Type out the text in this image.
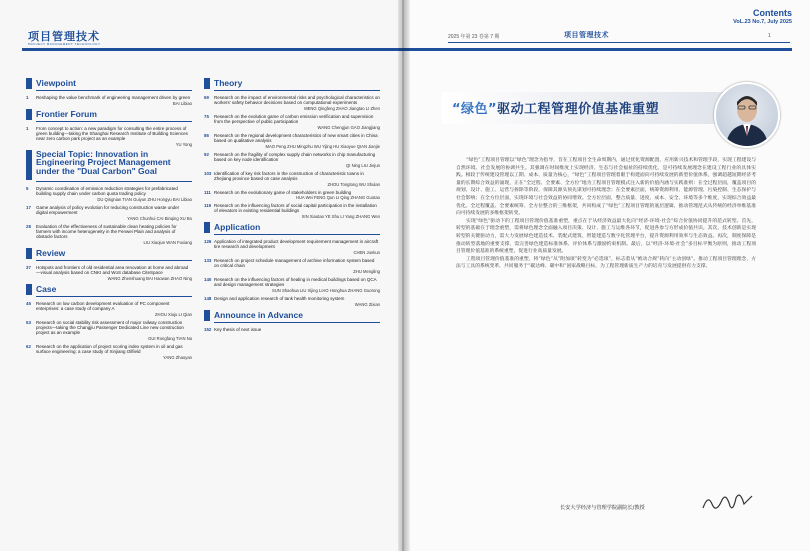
项目管理技术
PROJECT MANAGEMENT TECHNOLOGY
Contents
VoL.23 No.7, July 2025
Viewpoint
1	Reshaping the value benchmark of engineering management driven by green
BAI Libiao
Frontier Forum
1	From concept to action: a new paradigm for consulting the entire process of green building—taking the Shanghai Research Institute of Building Sciences near zero carbon park project as an example
YU Yong
Special Topic: Innovation in Engineering Project Management under the "Dual Carbon" Goal
5	Dynamic coordination of emission reduction strategies for prefabricated building supply chain under carbon quota trading policy
DU Qingnian TIAN Guiyun ZHU Hongyu BAI Libiao
17	Game analysis of policy evolution for reducing construction waste under digital empowerment
YANG Chunhui CAI Binqing XU Bo
28	Evaluation of the effectiveness of sustainable clean heating policies for farmers with income heterogeneity in the Fenwei Plain and analysis of obstacle factors
LIU Xiaojun WAN Fuxiang
Review
37	Hotspots and frontiers of old residential area renovation at home and abroad—visual analysis based on CNKI and WoS database CiteSpace
WANG Zhenshuang BAI Haowan ZHAO Ning
Case
45	Research on low carbon development evaluation of PC component enterprises: a case study of company A
ZHOU Xiuju LI Qian
53	Research on social stability risk assessment of major railway construction projects—taking the Changjiu Passenger Dedicated Line new construction project as an example
GUI Rongfang TIAN Na
62	Research on the application of project scoring index system in oil and gas surface engineering: a case study of Xinjiang Oilfield
YANG Zhaoyan
Theory
69	Research on the impact of environmental risks and psychological characteristics on workers' safety behavior decisions based on computational experiments
MENG Qingfeng ZHAO Jiangtao LI Zhen
75	Research on the evolution game of carbon emission verification and supervision from the perspective of public participation
WANG Chengjun GAO Jiangjiang
86	Research on the regional development characteristics of new smart cities in China based on qualitative analysis
MAO Peng ZHU Mingzhu WU Yijing HU Xiaoyue QIAN Jianjie
92	Research on the fragility of complex supply chain networks in chip manufacturing based on key node identification
QI Ning LIU Jiejun
103 Identification of key risk factors in the construction of characteristic towns in Zhejiang province based on case analysis
ZHOU Tongtong WU Shulan
111 Research on the evolutionary game of stakeholders in green building
HUA Wei FENG Qun LI Qing ZHANG Guotao
119 Research on the influencing factors of social capital participation in the installation of elevators in existing residential buildings
XIN Xiaotao YE Shu LI Yang ZHANG Wen
Application
126 Application of integrated product development requirement management in aircraft tire research and development
CHEN Junkun
133 Research on project schedule management of archive information system based on critical chain
ZHU Mengling
140 Research on the influencing factors of healing in medical buildings based on QCA and design management strategies
SUN Shaohua LIU Xijing LIAO Honghua ZHANG Guorong
148 Design and application research of tank health monitoring system
WANG Zixian
Announce in Advance
152 Key thesis of next issue
2025 年第 23 卷第 7 期	项目管理技术	1
“绿色”驱动工程管理价值基准重塑

“绿色”工程项目管理以“绿色”理念为指导，旨在工程项目全生命周期内，通过优化资源配置、应用新兴技术和管理手段，实现工程建设与自然环境、社会发展的协调共生。其强调在时间维度上实现经济、生态与社会福祉的持续优化，是可持续发展理念在建设工程行业的具体实践。相较于传统建设管理以工期、成本、质量为核心，“绿色”工程项目管理着眼于构建面向可持续发展的新型价值体系，强调超越短期经济考量的长期综合效益的涌现，正在“全过程、全要素、全方位”地为工程项目管理模式注入新的价值内涵与实践准则：在全过程层面，覆盖项目的规划、设计、施工、运营与拆除等阶段，保障其源头预先谋划可持续理念；在全要素层面，统筹资源利用、能源管理、污染控制、生态保护与社会影响；在全方位层面，实现环境与社会效益的协同增效。全方位层面，整合质量、进度、成本、安全、环境等多个维度，实现综合效益最优化。全过程覆盖、全要素统筹、全方位整合的三维框架，共同构成了“绿色”工程项目管理的底层逻辑，推动管理范式从传统的经济单维基准向可持续发展的多维框架转变。

实现“绿色”驱动下的工程项目管理价值基准重塑，重点在于从经济效益最大化向“经济-环境-社会”综合价值协同提升的范式转型。首先，转型的基础在于理念重塑，需将绿色理念全面融入项目决策、设计、施工与运维各环节，促进各参与方形成价值共识。其次，技术创新是实现转型的关键驱动力，需大力发展绿色建造技术、装配式建筑、智能建造与数字化管理平台，提升资源利用效率与生态效益。再次，制度保障是推动转型落地的重要支撑，需完善绿色建造标准体系、评价体系与激励约束机制。最后，以“经济-环境-社会”多目标平衡为原则，推动工程项目管理价值基准的系统重塑，促进行业高质量发展。

工程项目管理价值基准的重塑，将“绿色”从“附加项”转变为“必选项”，标志着从“被动合规”转向“主动创绿”。推动工程项目管理理念、方法与工具的系统变革，共同服务于“碳达峰、碳中和”国家战略目标，为工程管理新质生产力的培育与发展提供有力支撑。

长安大学经济与管理学院副院长/教授
